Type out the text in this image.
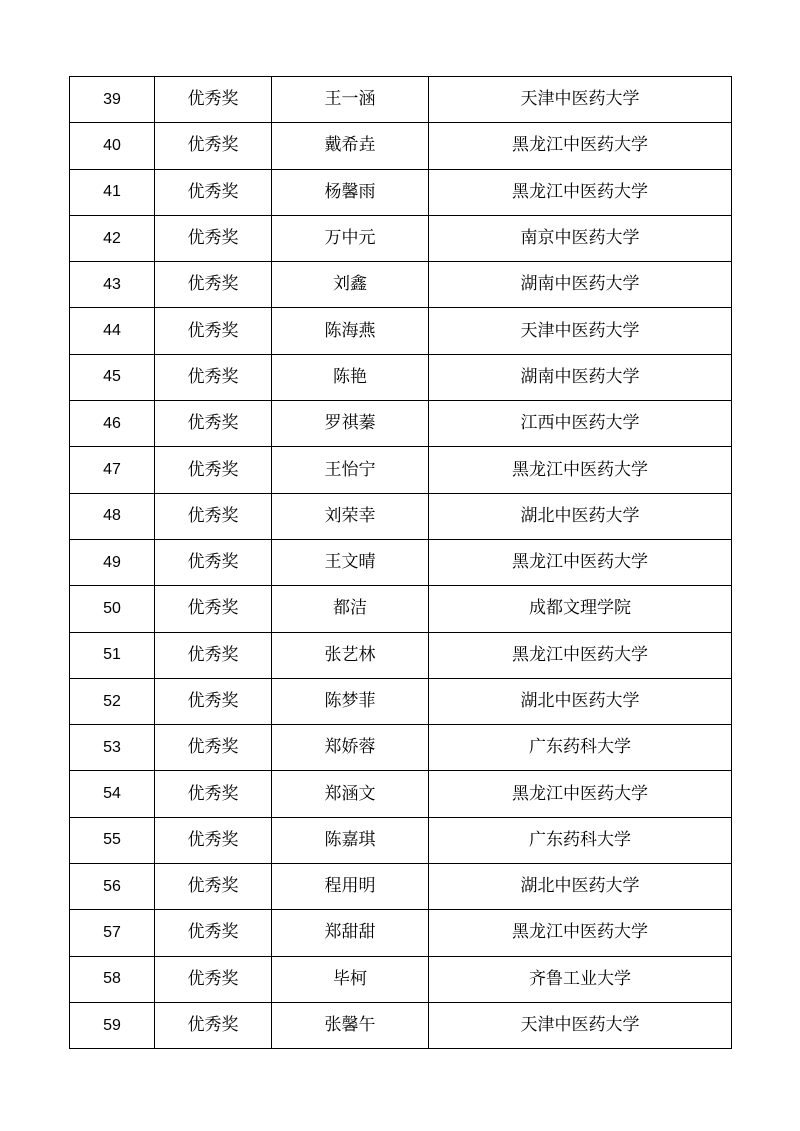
39	优秀奖	王一涵	天津中医药大学
40	优秀奖	戴希垚	黑龙江中医药大学
41	优秀奖	杨馨雨	黑龙江中医药大学
42	优秀奖	万中元	南京中医药大学
43	优秀奖	刘鑫	湖南中医药大学
44	优秀奖	陈海燕	天津中医药大学
45	优秀奖	陈艳	湖南中医药大学
46	优秀奖	罗祺蓁	江西中医药大学
47	优秀奖	王怡宁	黑龙江中医药大学
48	优秀奖	刘荣幸	湖北中医药大学
49	优秀奖	王文晴	黑龙江中医药大学
50	优秀奖	都洁	成都文理学院
51	优秀奖	张艺林	黑龙江中医药大学
52	优秀奖	陈梦菲	湖北中医药大学
53	优秀奖	郑娇蓉	广东药科大学
54	优秀奖	郑涵文	黑龙江中医药大学
55	优秀奖	陈嘉琪	广东药科大学
56	优秀奖	程用明	湖北中医药大学
57	优秀奖	郑甜甜	黑龙江中医药大学
58	优秀奖	毕柯	齐鲁工业大学
59	优秀奖	张馨午	天津中医药大学
